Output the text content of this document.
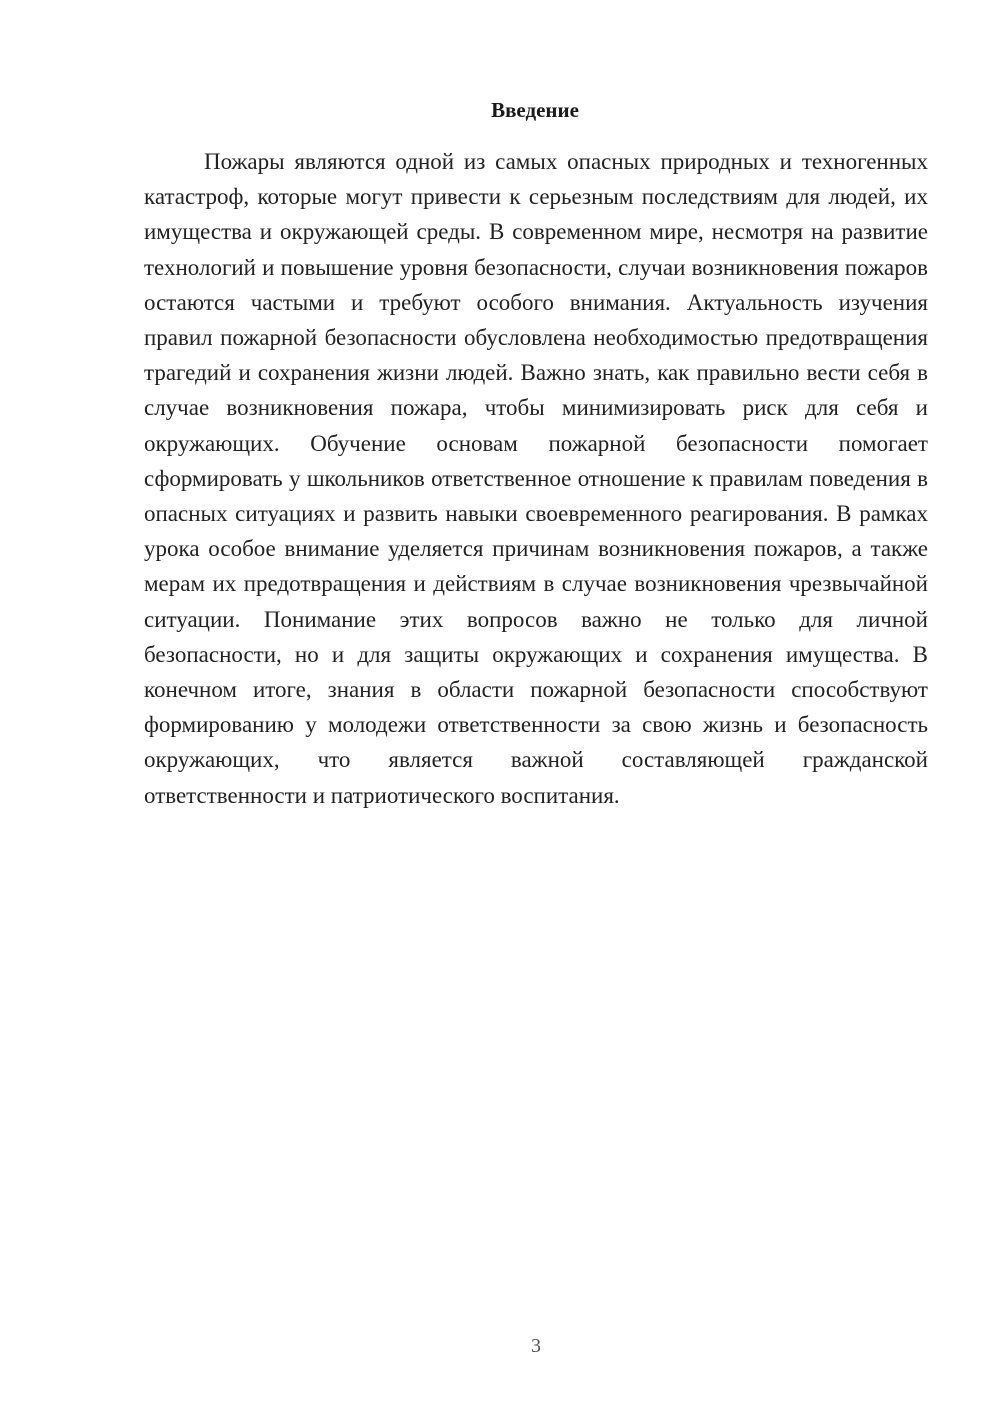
Введение

Пожары являются одной из самых опасных природных и техногенных катастроф, которые могут привести к серьезным последствиям для людей, их имущества и окружающей среды. В современном мире, несмотря на развитие технологий и повышение уровня безопасности, случаи возникновения пожаров остаются частыми и требуют особого внимания. Актуальность изучения правил пожарной безопасности обусловлена необходимостью предотвращения трагедий и сохранения жизни людей. Важно знать, как правильно вести себя в случае возникновения пожара, чтобы минимизировать риск для себя и окружающих. Обучение основам пожарной безопасности помогает сформировать у школьников ответственное отношение к правилам поведения в опасных ситуациях и развить навыки своевременного реагирования. В рамках урока особое внимание уделяется причинам возникновения пожаров, а также мерам их предотвращения и действиям в случае возникновения чрезвычайной ситуации. Понимание этих вопросов важно не только для личной безопасности, но и для защиты окружающих и сохранения имущества. В конечном итоге, знания в области пожарной безопасности способствуют формированию у молодежи ответственности за свою жизнь и безопасность окружающих, что является важной составляющей гражданской ответственности и патриотического воспитания.

3
